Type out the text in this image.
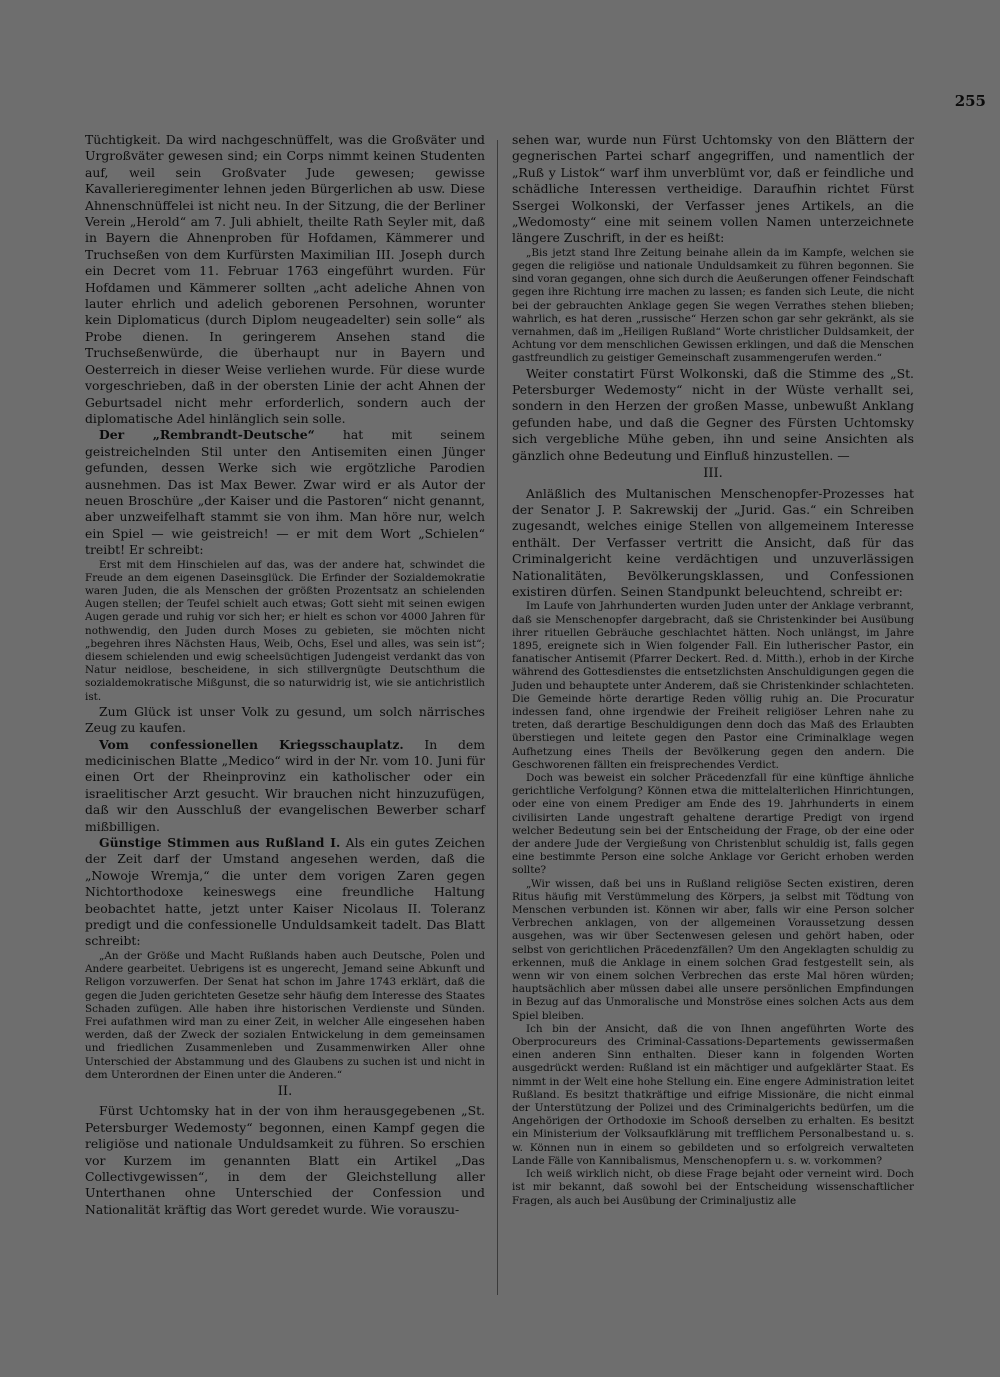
255

Tüchtigkeit. Da wird nachgeschnüffelt, was die Großväter und Urgroßväter gewesen sind; ein Corps nimmt keinen Studenten auf, weil sein Großvater Jude gewesen; gewisse Kavallerieregimenter lehnen jeden Bürgerlichen ab usw. Diese Ahnenschnüffelei ist nicht neu. In der Sitzung, die der Berliner Verein „Herold“ am 7. Juli abhielt, theilte Rath Seyler mit, daß in Bayern die Ahnenproben für Hofdamen, Kämmerer und Truchseßen von dem Kurfürsten Maximilian III. Joseph durch ein Decret vom 11. Februar 1763 eingeführt wurden. Für Hofdamen und Kämmerer sollten „acht adeliche Ahnen von lauter ehrlich und adelich geborenen Persohnen, worunter kein Diplomaticus (durch Diplom neugeadelter) sein solle“ als Probe dienen. In geringerem Ansehen stand die Truchseßenwürde, die überhaupt nur in Bayern und Oesterreich in dieser Weise verliehen wurde. Für diese wurde vorgeschrieben, daß in der obersten Linie der acht Ahnen der Geburtsadel nicht mehr erforderlich, sondern auch der diplomatische Adel hinlänglich sein solle.

Der „Rembrandt-Deutsche“ hat mit seinem geistreichelnden Stil unter den Antisemiten einen Jünger gefunden, dessen Werke sich wie ergötzliche Parodien ausnehmen. Das ist Max Bewer. Zwar wird er als Autor der neuen Broschüre „der Kaiser und die Pastoren“ nicht genannt, aber unzweifelhaft stammt sie von ihm. Man höre nur, welch ein Spiel — wie geistreich! — er mit dem Wort „Schielen“ treibt! Er schreibt:

Erst mit dem Hinschielen auf das, was der andere hat, schwindet die Freude an dem eigenen Daseinsglück. Die Erfinder der Sozialdemokratie waren Juden, die als Menschen der größten Prozentsatz an schielenden Augen stellen; der Teufel schielt auch etwas; Gott sieht mit seinen ewigen Augen gerade und ruhig vor sich her; er hielt es schon vor 4000 Jahren für nothwendig, den Juden durch Moses zu gebieten, sie möchten nicht „begehren ihres Nächsten Haus, Weib, Ochs, Esel und alles, was sein ist“; diesem schielenden und ewig scheelsüchtigen Judengeist verdankt das von Natur neidlose, bescheidene, in sich stillvergnügte Deutschthum die sozialdemokratische Mißgunst, die so naturwidrig ist, wie sie antichristlich ist.

Zum Glück ist unser Volk zu gesund, um solch närrisches Zeug zu kaufen.

Vom confessionellen Kriegsschauplatz. In dem medicinischen Blatte „Medico“ wird in der Nr. vom 10. Juni für einen Ort der Rheinprovinz ein katholischer oder ein israelitischer Arzt gesucht. Wir brauchen nicht hinzuzufügen, daß wir den Ausschluß der evangelischen Bewerber scharf mißbilligen.

Günstige Stimmen aus Rußland I. Als ein gutes Zeichen der Zeit darf der Umstand angesehen werden, daß die „Nowoje Wremja,“ die unter dem vorigen Zaren gegen Nichtorthodoxe keineswegs eine freundliche Haltung beobachtet hatte, jetzt unter Kaiser Nicolaus II. Toleranz predigt und die confessionelle Unduldsamkeit tadelt. Das Blatt schreibt:

„An der Größe und Macht Rußlands haben auch Deutsche, Polen und Andere gearbeitet. Uebrigens ist es ungerecht, Jemand seine Abkunft und Religon vorzuwerfen. Der Senat hat schon im Jahre 1743 erklärt, daß die gegen die Juden gerichteten Gesetze sehr häufig dem Interesse des Staates Schaden zufügen. Alle haben ihre historischen Verdienste und Sünden. Frei aufathmen wird man zu einer Zeit, in welcher Alle eingesehen haben werden, daß der Zweck der sozialen Entwickelung in dem gemeinsamen und friedlichen Zusammenleben und Zusammenwirken Aller ohne Unterschied der Abstammung und des Glaubens zu suchen ist und nicht in dem Unterordnen der Einen unter die Anderen.“

II.

Fürst Uchtomsky hat in der von ihm herausgegebenen „St. Petersburger Wedemosty“ begonnen, einen Kampf gegen die religiöse und nationale Unduldsamkeit zu führen. So erschien vor Kurzem im genannten Blatt ein Artikel „Das Collectivgewissen“, in dem der Gleichstellung aller Unterthanen ohne Unterschied der Confession und Nationalität kräftig das Wort geredet wurde. Wie vorauszu-

sehen war, wurde nun Fürst Uchtomsky von den Blättern der gegnerischen Partei scharf angegriffen, und namentlich der „Ruß y Listok“ warf ihm unverblümt vor, daß er feindliche und schädliche Interessen vertheidige. Daraufhin richtet Fürst Ssergei Wolkonski, der Verfasser jenes Artikels, an die „Wedomosty“ eine mit seinem vollen Namen unterzeichnete längere Zuschrift, in der es heißt:

„Bis jetzt stand Ihre Zeitung beinahe allein da im Kampfe, welchen sie gegen die religiöse und nationale Unduldsamkeit zu führen begonnen. Sie sind voran gegangen, ohne sich durch die Aeußerungen offener Feindschaft gegen ihre Richtung irre machen zu lassen; es fanden sich Leute, die nicht bei der gebrauchten Anklage gegen Sie wegen Verrathes stehen blieben; wahrlich, es hat deren „russische“ Herzen schon gar sehr gekränkt, als sie vernahmen, daß im „Heiligen Rußland“ Worte christlicher Duldsamkeit, der Achtung vor dem menschlichen Gewissen erklingen, und daß die Menschen gastfreundlich zu geistiger Gemeinschaft zusammengerufen werden.“

Weiter constatirt Fürst Wolkonski, daß die Stimme des „St. Petersburger Wedemosty“ nicht in der Wüste verhallt sei, sondern in den Herzen der großen Masse, unbewußt Anklang gefunden habe, und daß die Gegner des Fürsten Uchtomsky sich vergebliche Mühe geben, ihn und seine Ansichten als gänzlich ohne Bedeutung und Einfluß hinzustellen. —

III.

Anläßlich des Multanischen Menschenopfer-Prozesses hat der Senator J. P. Sakrewskij der „Jurid. Gas.“ ein Schreiben zugesandt, welches einige Stellen von allgemeinem Interesse enthält. Der Verfasser vertritt die Ansicht, daß für das Criminalgericht keine verdächtigen und unzuverlässigen Nationalitäten, Bevölkerungsklassen, und Confessionen existiren dürfen. Seinen Standpunkt beleuchtend, schreibt er:

Im Laufe von Jahrhunderten wurden Juden unter der Anklage verbrannt, daß sie Menschenopfer dargebracht, daß sie Christenkinder bei Ausübung ihrer rituellen Gebräuche geschlachtet hätten. Noch unlängst, im Jahre 1895, ereignete sich in Wien folgender Fall. Ein lutherischer Pastor, ein fanatischer Antisemit (Pfarrer Deckert. Red. d. Mitth.), erhob in der Kirche während des Gottesdienstes die entsetzlichsten Anschuldigungen gegen die Juden und behauptete unter Anderem, daß sie Christenkinder schlachteten. Die Gemeinde hörte derartige Reden völlig ruhig an. Die Procuratur indessen fand, ohne irgendwie der Freiheit religiöser Lehren nahe zu treten, daß derartige Beschuldigungen denn doch das Maß des Erlaubten überstiegen und leitete gegen den Pastor eine Criminalklage wegen Aufhetzung eines Theils der Bevölkerung gegen den andern. Die Geschworenen fällten ein freisprechendes Verdict.

Doch was beweist ein solcher Präcedenzfall für eine künftige ähnliche gerichtliche Verfolgung? Können etwa die mittelalterlichen Hinrichtungen, oder eine von einem Prediger am Ende des 19. Jahrhunderts in einem civilisirten Lande ungestraft gehaltene derartige Predigt von irgend welcher Bedeutung sein bei der Entscheidung der Frage, ob der eine oder der andere Jude der Vergießung von Christenblut schuldig ist, falls gegen eine bestimmte Person eine solche Anklage vor Gericht erhoben werden sollte?

„Wir wissen, daß bei uns in Rußland religiöse Secten existiren, deren Ritus häufig mit Verstümmelung des Körpers, ja selbst mit Tödtung von Menschen verbunden ist. Können wir aber, falls wir eine Person solcher Verbrechen anklagen, von der allgemeinen Voraussetzung dessen ausgehen, was wir über Sectenwesen gelesen und gehört haben, oder selbst von gerichtlichen Präcedenzfällen? Um den Angeklagten schuldig zu erkennen, muß die Anklage in einem solchen Grad festgestellt sein, als wenn wir von einem solchen Verbrechen das erste Mal hören würden; hauptsächlich aber müssen dabei alle unsere persönlichen Empfindungen in Bezug auf das Unmoralische und Monströse eines solchen Acts aus dem Spiel bleiben.

Ich bin der Ansicht, daß die von Ihnen angeführten Worte des Oberprocureurs des Criminal-Cassations-Departements gewissermaßen einen anderen Sinn enthalten. Dieser kann in folgenden Worten ausgedrückt werden: Rußland ist ein mächtiger und aufgeklärter Staat. Es nimmt in der Welt eine hohe Stellung ein. Eine engere Administration leitet Rußland. Es besitzt thatkräftige und eifrige Missionäre, die nicht einmal der Unterstützung der Polizei und des Criminalgerichts bedürfen, um die Angehörigen der Orthodoxie im Schooß derselben zu erhalten. Es besitzt ein Ministerium der Volksaufklärung mit trefflichem Personalbestand u. s. w. Können nun in einem so gebildeten und so erfolgreich verwalteten Lande Fälle von Kannibalismus, Menschenopfern u. s. w. vorkommen?

Ich weiß wirklich nicht, ob diese Frage bejaht oder verneint wird. Doch ist mir bekannt, daß sowohl bei der Entscheidung wissenschaftlicher Fragen, als auch bei Ausübung der Criminaljustiz alle
